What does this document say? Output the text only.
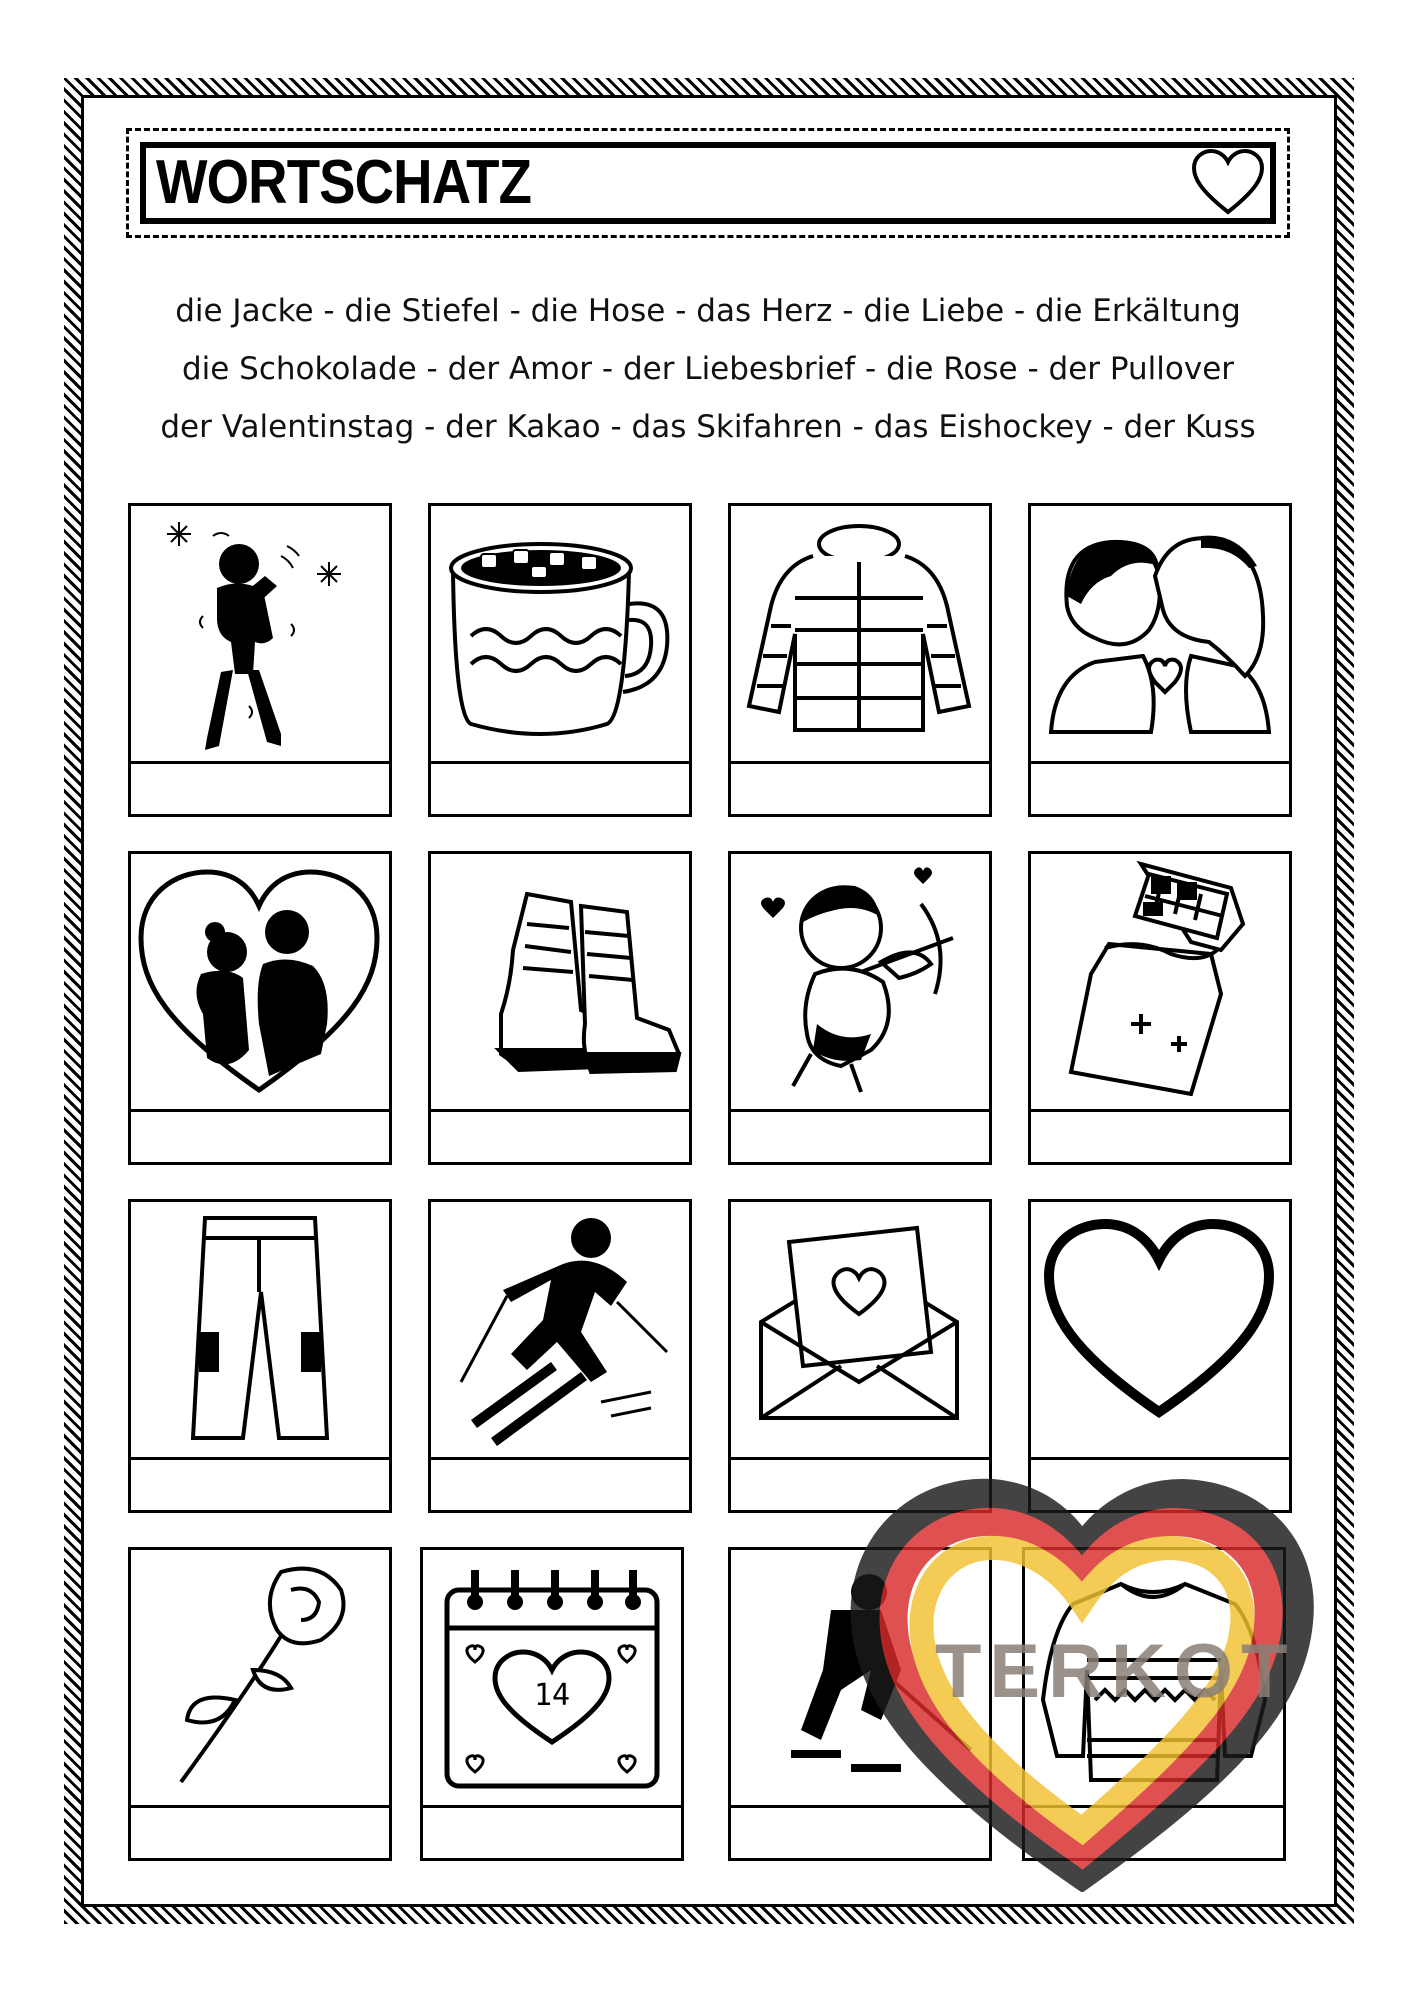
WORTSCHATZ
die Jacke - die Stiefel - die Hose - das Herz - die Liebe - die Erkältung
die Schokolade - der Amor - der Liebesbrief - die Rose - der Pullover
der Valentinstag - der Kakao - das Skifahren - das Eishockey - der Kuss
14	TERKOT
